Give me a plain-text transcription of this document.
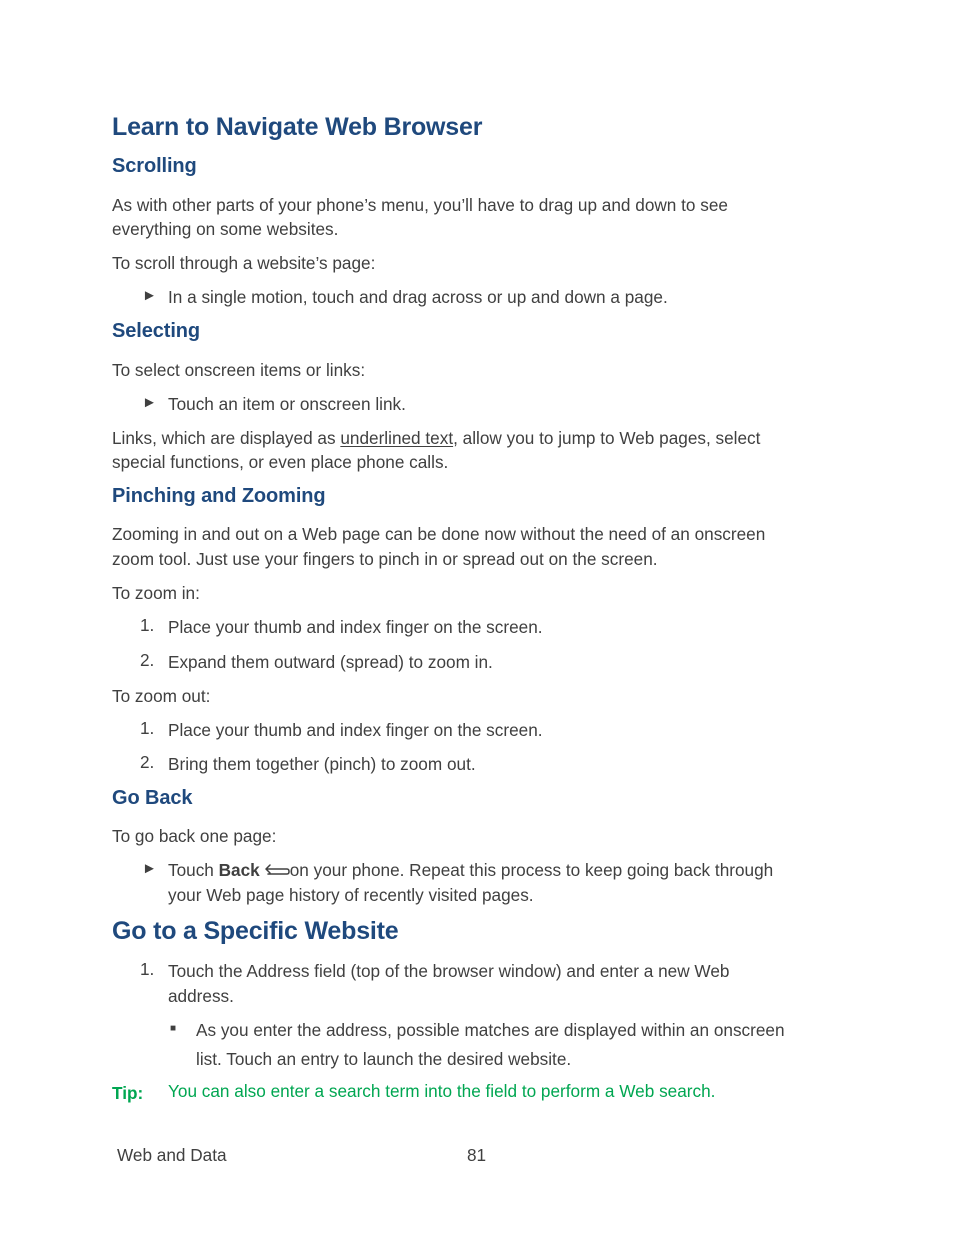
Learn to Navigate Web Browser
Scrolling

As with other parts of your phone’s menu, you’ll have to drag up and down to see

everything on some websites.

To scroll through a website’s page:

► In a single motion, touch and drag across or up and down a page.

Selecting

To select onscreen items or links:

► Touch an item or onscreen link.

Links, which are displayed as underlined text, allow you to jump to Web pages, select

special functions, or even place phone calls.

Pinching and Zooming

Zooming in and out on a Web page can be done now without the need of an onscreen

zoom tool. Just use your fingers to pinch in or spread out on the screen.

To zoom in:

1. Place your thumb and index finger on the screen.

2. Expand them outward (spread) to zoom in.

To zoom out:

1. Place your thumb and index finger on the screen.

2. Bring them together (pinch) to zoom out.

Go Back

To go back one page:

► Touch Back on your phone. Repeat this process to keep going back through

your Web page history of recently visited pages.

Go to a Specific Website
1. Touch the Address field (top of the browser window) and enter a new Web

address.

■ As you enter the address, possible matches are displayed within an onscreen

list. Touch an entry to launch the desired website.

Tip: You can also enter a search term into the field to perform a Web search.
Web and Data	81
